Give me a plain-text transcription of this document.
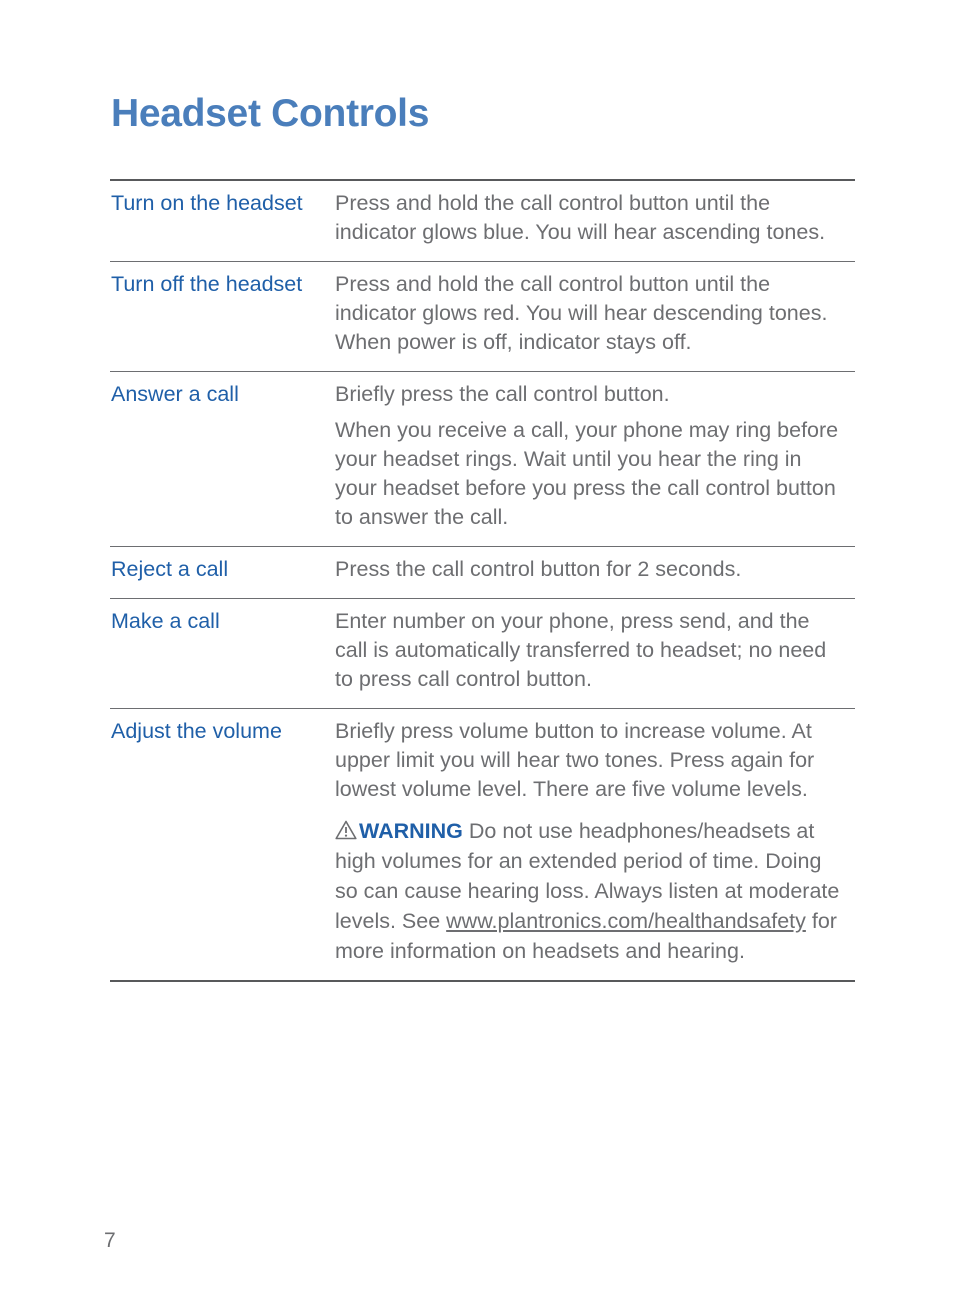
Headset Controls
Turn on the headset	Press and hold the call control button until the indicator glows blue. You will hear ascending tones.

Turn off the headset	Press and hold the call control button until the indicator glows red. You will hear descending tones. When power is off, indicator stays off.

Answer a call	Briefly press the call control button.

When you receive a call, your phone may ring before your headset rings. Wait until you hear the ring in your headset before you press the call control button to answer the call.

Reject a call	Press the call control button for 2 seconds.

Make a call	Enter number on your phone, press send, and the call is automatically transferred to headset; no need to press call control button.

Adjust the volume	Briefly press volume button to increase volume. At upper limit you will hear two tones. Press again for lowest volume level. There are five volume levels.

WARNING Do not use headphones/headsets at high volumes for an extended period of time. Doing so can cause hearing loss. Always listen at moderate levels. See www.plantronics.com/healthandsafety for more information on headsets and hearing.

7
